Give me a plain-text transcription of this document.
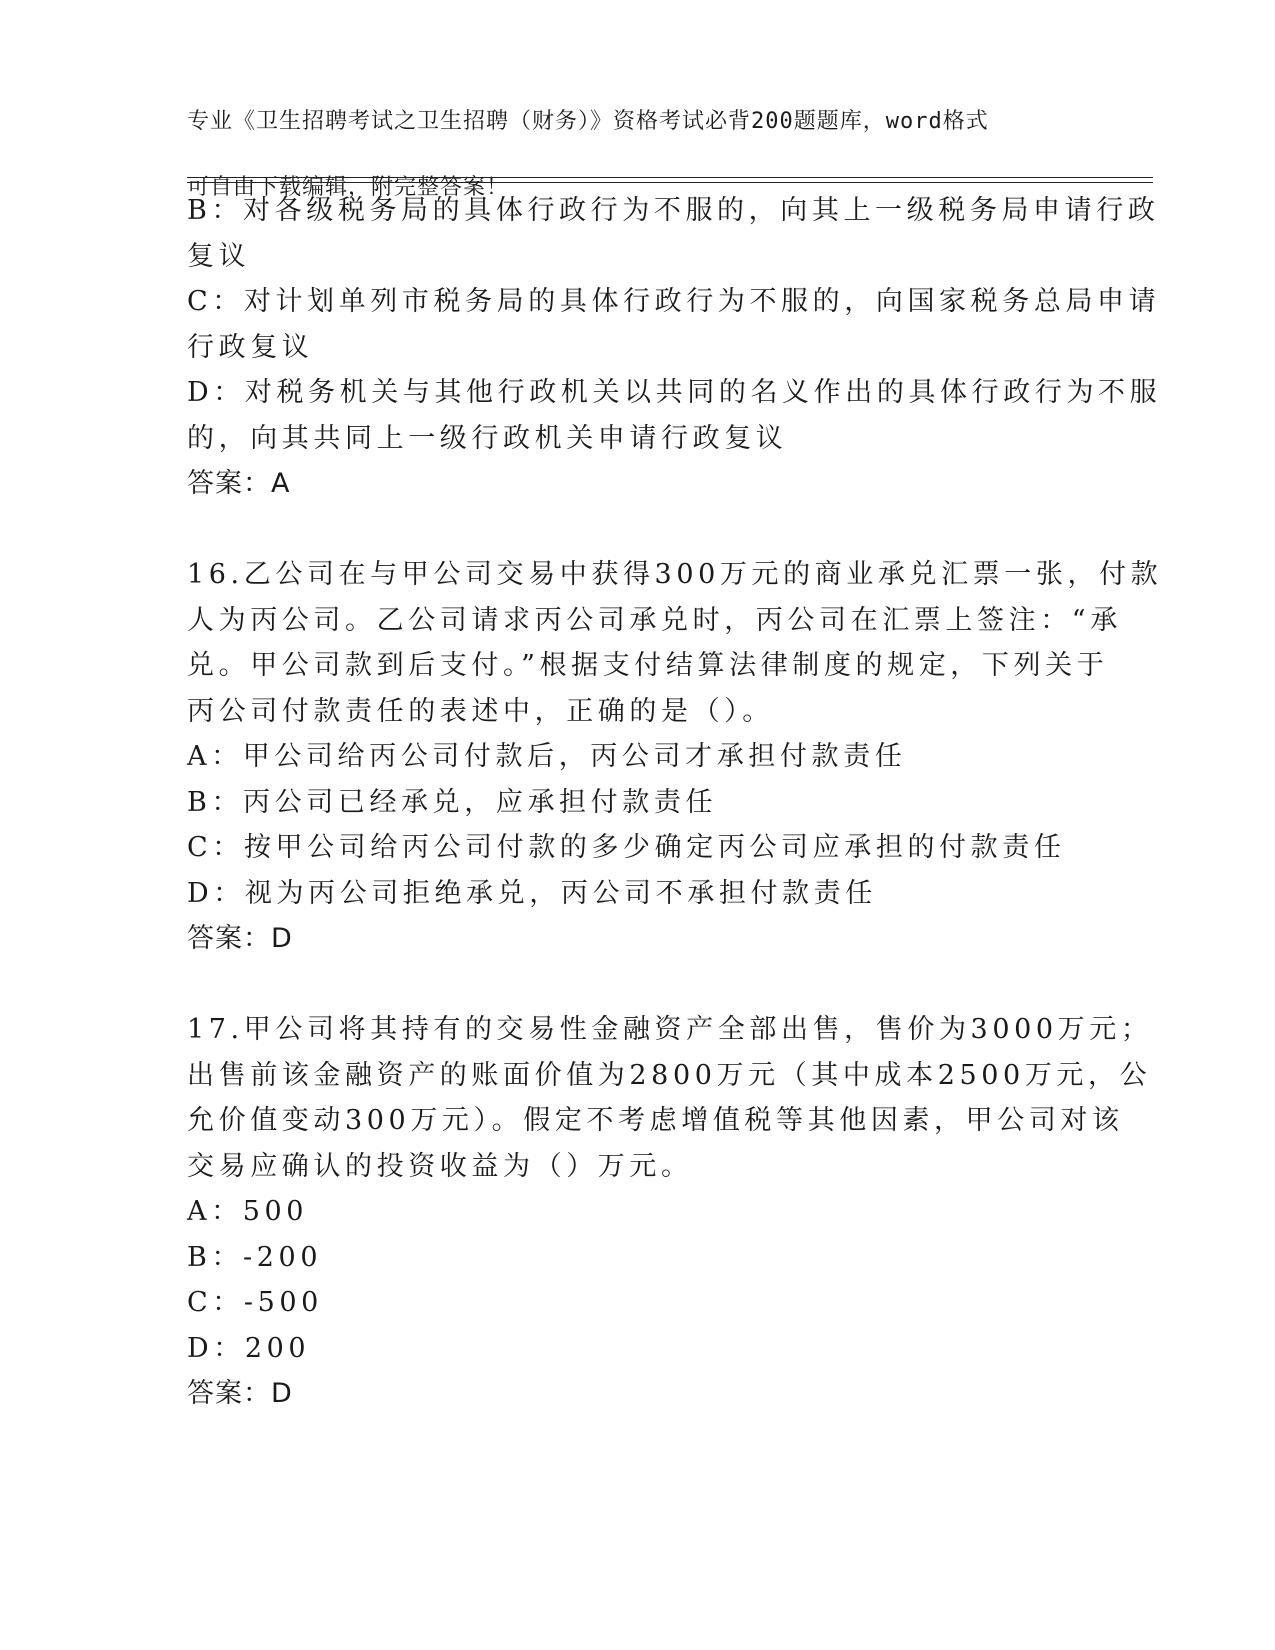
专业《卫生招聘考试之卫生招聘（财务）》资格考试必背200题题库，word格式

可自由下载编辑，附完整答案！

B：对各级税务局的具体行政行为不服的，向其上一级税务局申请行政
复议
C：对计划单列市税务局的具体行政行为不服的，向国家税务总局申请
行政复议
D：对税务机关与其他行政机关以共同的名义作出的具体行政行为不服
的，向其共同上一级行政机关申请行政复议
答案：A
16.乙公司在与甲公司交易中获得300万元的商业承兑汇票一张，付款
人为丙公司。乙公司请求丙公司承兑时，丙公司在汇票上签注：“承
兑。甲公司款到后支付。”根据支付结算法律制度的规定，下列关于
丙公司付款责任的表述中，正确的是（）。
A：甲公司给丙公司付款后，丙公司才承担付款责任
B：丙公司已经承兑，应承担付款责任
C：按甲公司给丙公司付款的多少确定丙公司应承担的付款责任
D：视为丙公司拒绝承兑，丙公司不承担付款责任
答案：D
17.甲公司将其持有的交易性金融资产全部出售，售价为3000万元；
出售前该金融资产的账面价值为2800万元（其中成本2500万元，公
允价值变动300万元）。假定不考虑增值税等其他因素，甲公司对该
交易应确认的投资收益为（）万元。
A：500
B：-200
C：-500
D：200
答案：D
